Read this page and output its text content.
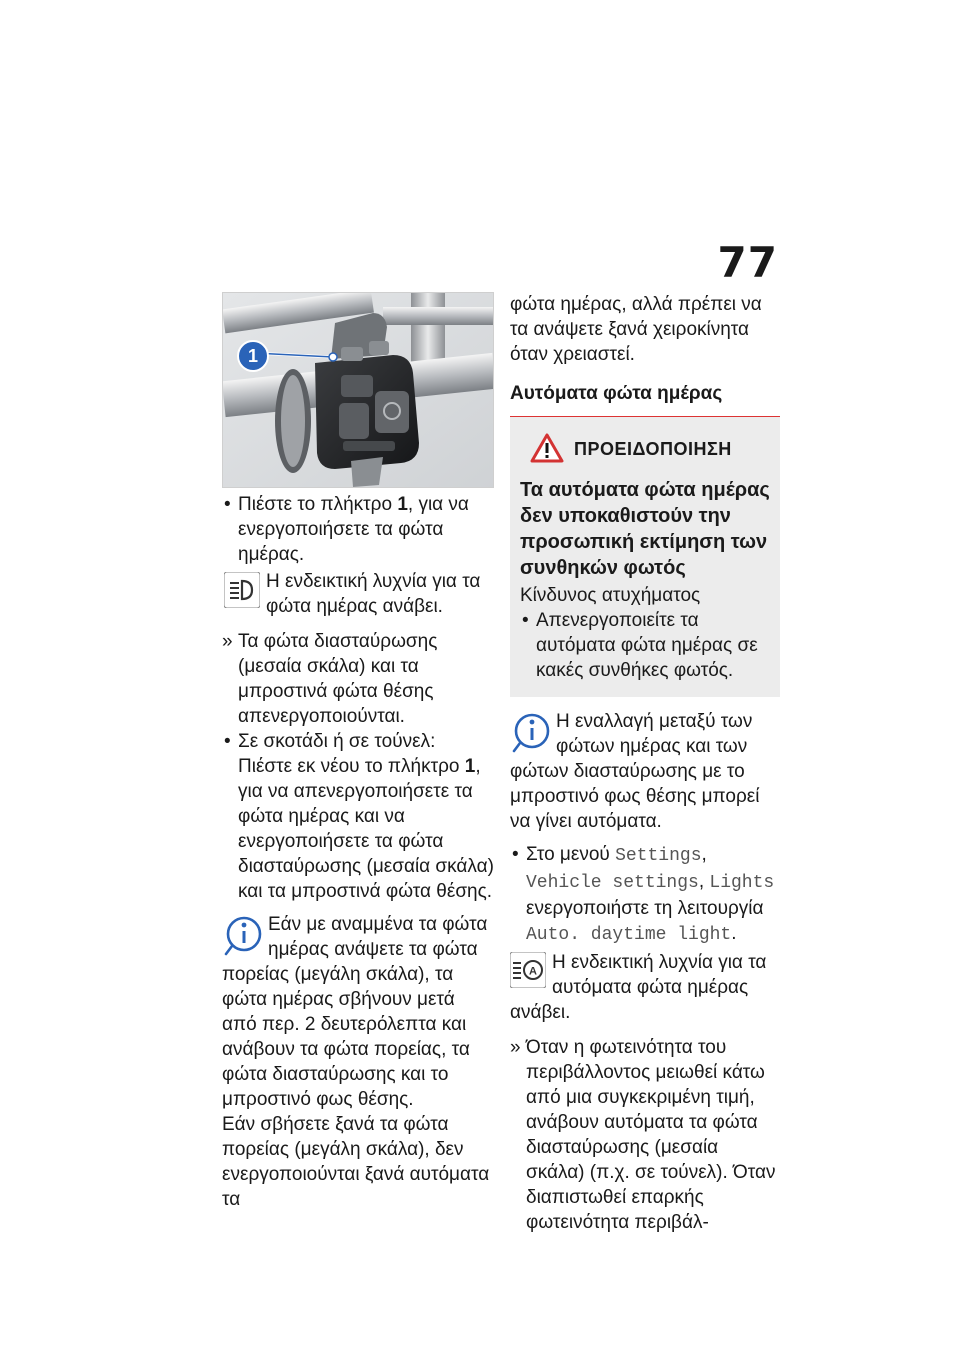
77
1
• Πιέστε το πλήκτρο 1, για να ενεργοποιήσετε τα φώτα ημέρας.
Η ενδεικτική λυχνία για τα φώτα ημέρας ανάβει.
» Τα φώτα διασταύρωσης (μεσαία σκάλα) και τα μπροστινά φώτα θέσης απενεργοποιούνται.
• Σε σκοτάδι ή σε τούνελ: Πιέστε εκ νέου το πλήκτρο 1, για να απενεργοποιήσετε τα φώτα ημέρας και να ενεργοποιήσετε τα φώτα διασταύρωσης (μεσαία σκάλα) και τα μπροστινά φώτα θέσης.
Εάν με αναμμένα τα φώτα ημέρας ανάψετε τα φώτα πορείας (μεγάλη σκάλα), τα φώτα ημέρας σβήνουν μετά από περ. 2 δευτερόλεπτα και ανάβουν τα φώτα πορείας, τα φώτα διασταύρωσης και το μπροστινό φως θέσης.
Εάν σβήσετε ξανά τα φώτα πορείας (μεγάλη σκάλα), δεν ενεργοποιούνται ξανά αυτόματα τα
φώτα ημέρας, αλλά πρέπει να τα ανάψετε ξανά χειροκίνητα όταν χρειαστεί.
Αυτόματα φώτα ημέρας
ΠΡΟΕΙΔΟΠΟΙΗΣΗ
Τα αυτόματα φώτα ημέρας δεν υποκαθιστούν την προσωπική εκτίμηση των συνθηκών φωτός
Κίνδυνος ατυχήματος
• Απενεργοποιείτε τα αυτόματα φώτα ημέρας σε κακές συνθήκες φωτός.
Η εναλλαγή μεταξύ των φώτων ημέρας και των φώτων διασταύρωσης με το μπροστινό φως θέσης μπορεί να γίνει αυτόματα.
• Στο μενού Settings, Vehicle settings, Lights ενεργοποιήστε τη λειτουργία Auto. daytime light.
A Η ενδεικτική λυχνία για τα αυτόματα φώτα ημέρας ανάβει.
» Όταν η φωτεινότητα του περιβάλλοντος μειωθεί κάτω από μια συγκεκριμένη τιμή, ανάβουν αυτόματα τα φώτα διασταύρωσης (μεσαία σκάλα) (π.χ. σε τούνελ). Όταν διαπιστωθεί επαρκής φωτεινότητα περιβάλ-
